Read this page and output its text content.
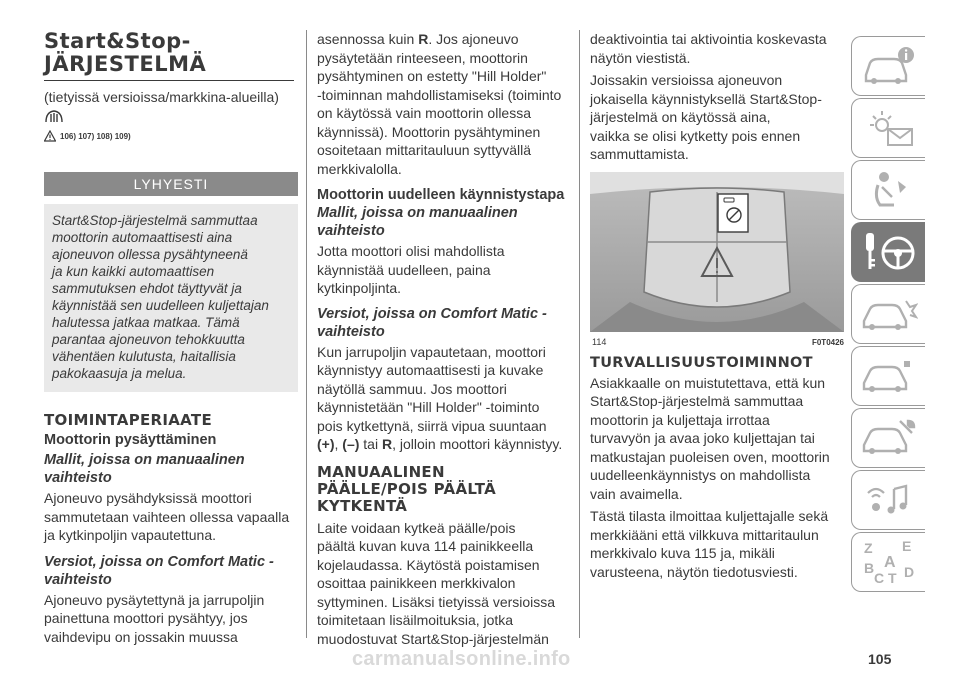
Start&Stop-
JÄRJESTELMÄ
(tietyissä versioissa/markkina-alueilla)
106) 107) 108) 109)
LYHYESTI
Start&Stop-järjestelmä sammuttaa
moottorin automaattisesti aina
ajoneuvon ollessa pysähtyneenä
ja kun kaikki automaattisen
sammutuksen ehdot täyttyvät ja
käynnistää sen uudelleen kuljettajan
halutessa jatkaa matkaa. Tämä
parantaa ajoneuvon tehokkuutta
vähentäen kulutusta, haitallisia
pakokaasuja ja melua.
TOIMINTAPERIAATE
Moottorin pysäyttäminen
Mallit, joissa on manuaalinen
vaihteisto
Ajoneuvo pysähdyksissä moottori
sammutetaan vaihteen ollessa vapaalla
ja kytkinpoljin vapautettuna.
Versiot, joissa on Comfort Matic -
vaihteisto
Ajoneuvo pysäytettynä ja jarrupoljin
painettuna moottori pysähtyy, jos
vaihdevipu on jossakin muussa
asennossa kuin R. Jos ajoneuvo
pysäytetään rinteeseen, moottorin
pysähtyminen on estetty "Hill Holder"
-toiminnan mahdollistamiseksi (toiminto
on käytössä vain moottorin ollessa
käynnissä). Moottorin pysähtyminen
osoitetaan mittaritauluun syttyvällä
merkkivalolla.
Moottorin uudelleen käynnistystapa
Mallit, joissa on manuaalinen
vaihteisto
Jotta moottori olisi mahdollista
käynnistää uudelleen, paina
kytkinpoljinta.
Versiot, joissa on Comfort Matic -
vaihteisto
Kun jarrupoljin vapautetaan, moottori
käynnistyy automaattisesti ja kuvake
näytöllä sammuu. Jos moottori
käynnistetään "Hill Holder" -toiminto
pois kytkettynä, siirrä vipua suuntaan
(+), (–) tai R, jolloin moottori käynnistyy.
MANUAALINEN
PÄÄLLE/POIS PÄÄLTÄ
KYTKENTÄ
Laite voidaan kytkeä päälle/pois
päältä kuvan kuva 114 painikkeella
kojelaudassa. Käytöstä poistamisen
osoittaa painikkeen merkkivalon
syttyminen. Lisäksi tietyissä versioissa
toimitetaan lisäilmoituksia, jotka
muodostuvat Start&Stop-järjestelmän
deaktivointia tai aktivointia koskevasta
näytön viestistä.
Joissakin versioissa ajoneuvon
jokaisella käynnistyksellä Start&Stop-
järjestelmä on käytössä aina,
vaikka se olisi kytketty pois ennen
sammuttamista.
114	F0T0426
TURVALLISUUSTOIMINNOT
Asiakkaalle on muistutettava, että kun
Start&Stop-järjestelmä sammuttaa
moottorin ja kuljettaja irrottaa
turvavyön ja avaa joko kuljettajan tai
matkustajan puoleisen oven, moottorin
uudelleenkäynnistys on mahdollista
vain avaimella.
Tästä tilasta ilmoittaa kuljettajalle sekä
merkkiääni että vilkkuva mittaritaulun
merkkivalo kuva 115 ja, mikäli
varusteena, näytön tiedotusviesti.
Z E
A
B
C T D
carmanualsonline.info	105
